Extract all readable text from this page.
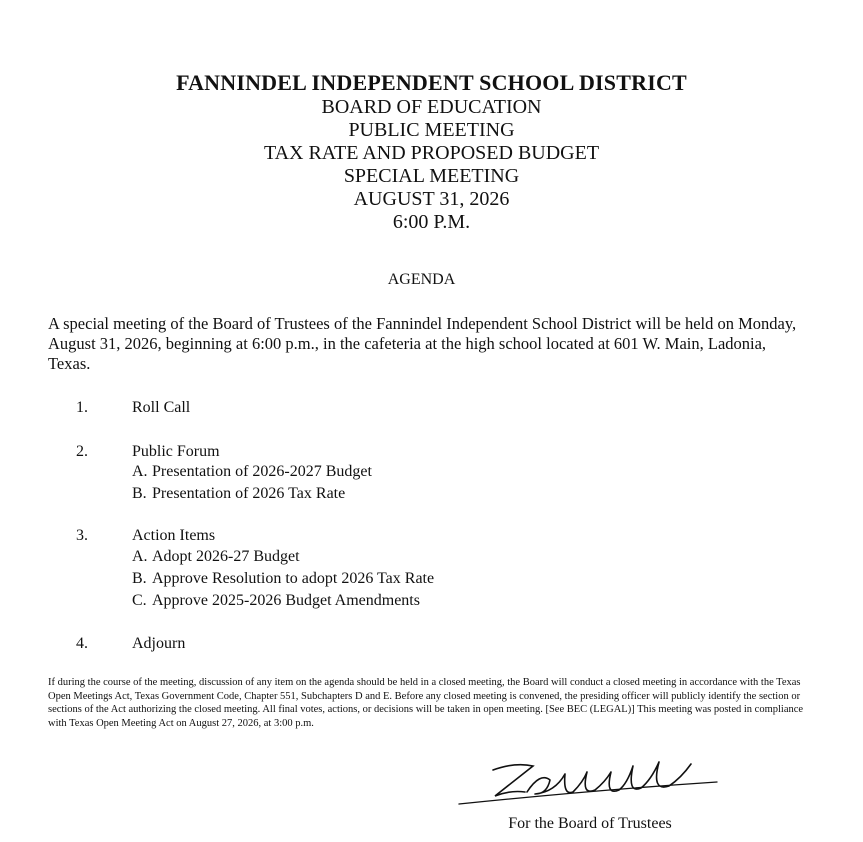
FANNINDEL INDEPENDENT SCHOOL DISTRICT
BOARD OF EDUCATION
PUBLIC MEETING
TAX RATE AND PROPOSED BUDGET
SPECIAL MEETING
AUGUST 31, 2026
6:00 P.M.
AGENDA
A special meeting of the Board of Trustees of the Fannindel Independent School District will be held on Monday, August 31, 2026, beginning at 6:00 p.m., in the cafeteria at the high school located at 601 W. Main, Ladonia, Texas.
1.	Roll Call
2.	Public Forum
A. Presentation of 2026-2027 Budget
B. Presentation of 2026 Tax Rate
3.	Action Items
A. Adopt 2026-27 Budget
B. Approve Resolution to adopt 2026 Tax Rate
C. Approve 2025-2026 Budget Amendments
4.	Adjourn
If during the course of the meeting, discussion of any item on the agenda should be held in a closed meeting, the Board will conduct a closed meeting in accordance with the Texas Open Meetings Act, Texas Government Code, Chapter 551, Subchapters D and E. Before any closed meeting is convened, the presiding officer will publicly identify the section or sections of the Act authorizing the closed meeting. All final votes, actions, or decisions will be taken in open meeting. [See BEC (LEGAL)] This meeting was posted in compliance with Texas Open Meeting Act on August 27, 2026, at 3:00 p.m.
For the Board of Trustees
